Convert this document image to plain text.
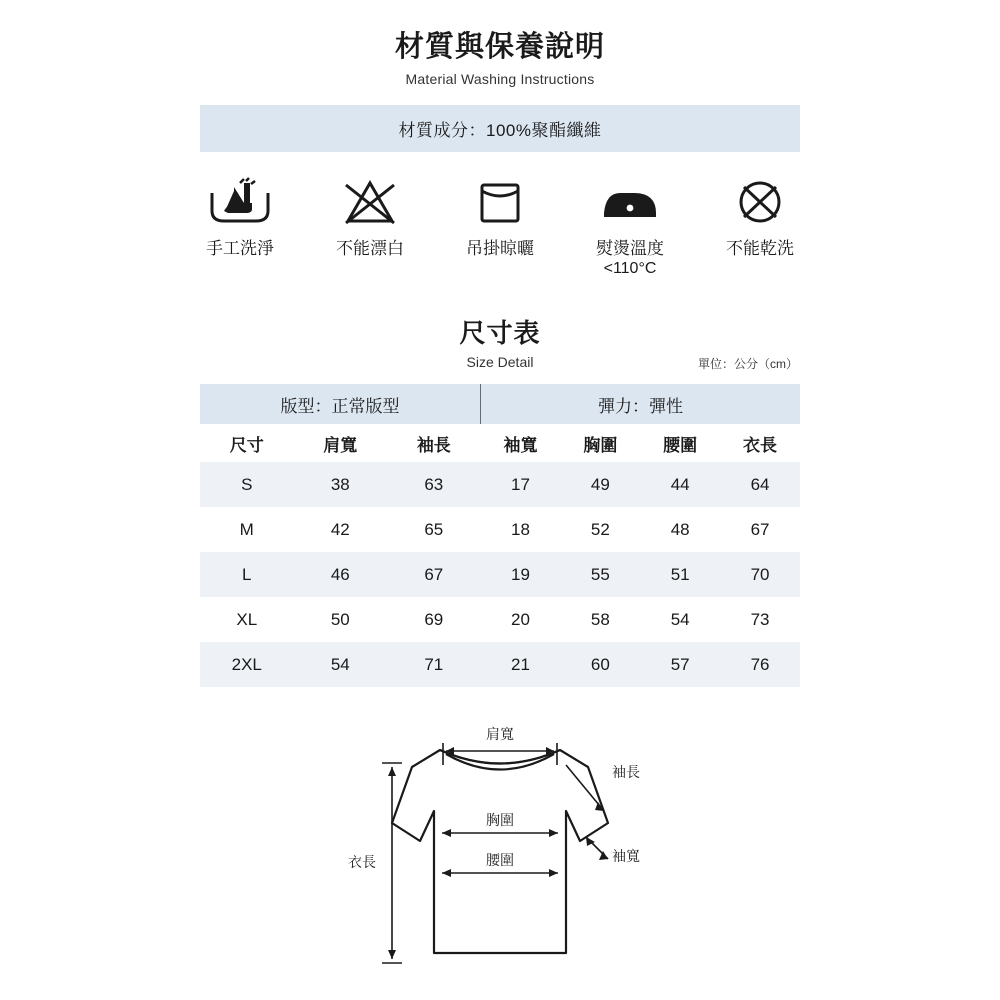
材質與保養說明
Material Washing Instructions
材質成分：100%聚酯纖維
手工洗淨	不能漂白	吊掛晾曬	熨燙溫度
<110°C
不能乾洗
尺寸表
Size Detail	單位：公分（cm）
版型：正常版型			彈力：彈性			
尺寸	肩寬	袖長	袖寬	胸圍	腰圍	衣長
S	38	63	17	49	44	64
M	42	65	18	52	48	67
L	46	67	19	55	51	70
XL	50	69	20	58	54	73
2XL	54	71	21	60	57	76
肩寬
袖長
袖寬
胸圍
腰圍
衣長
